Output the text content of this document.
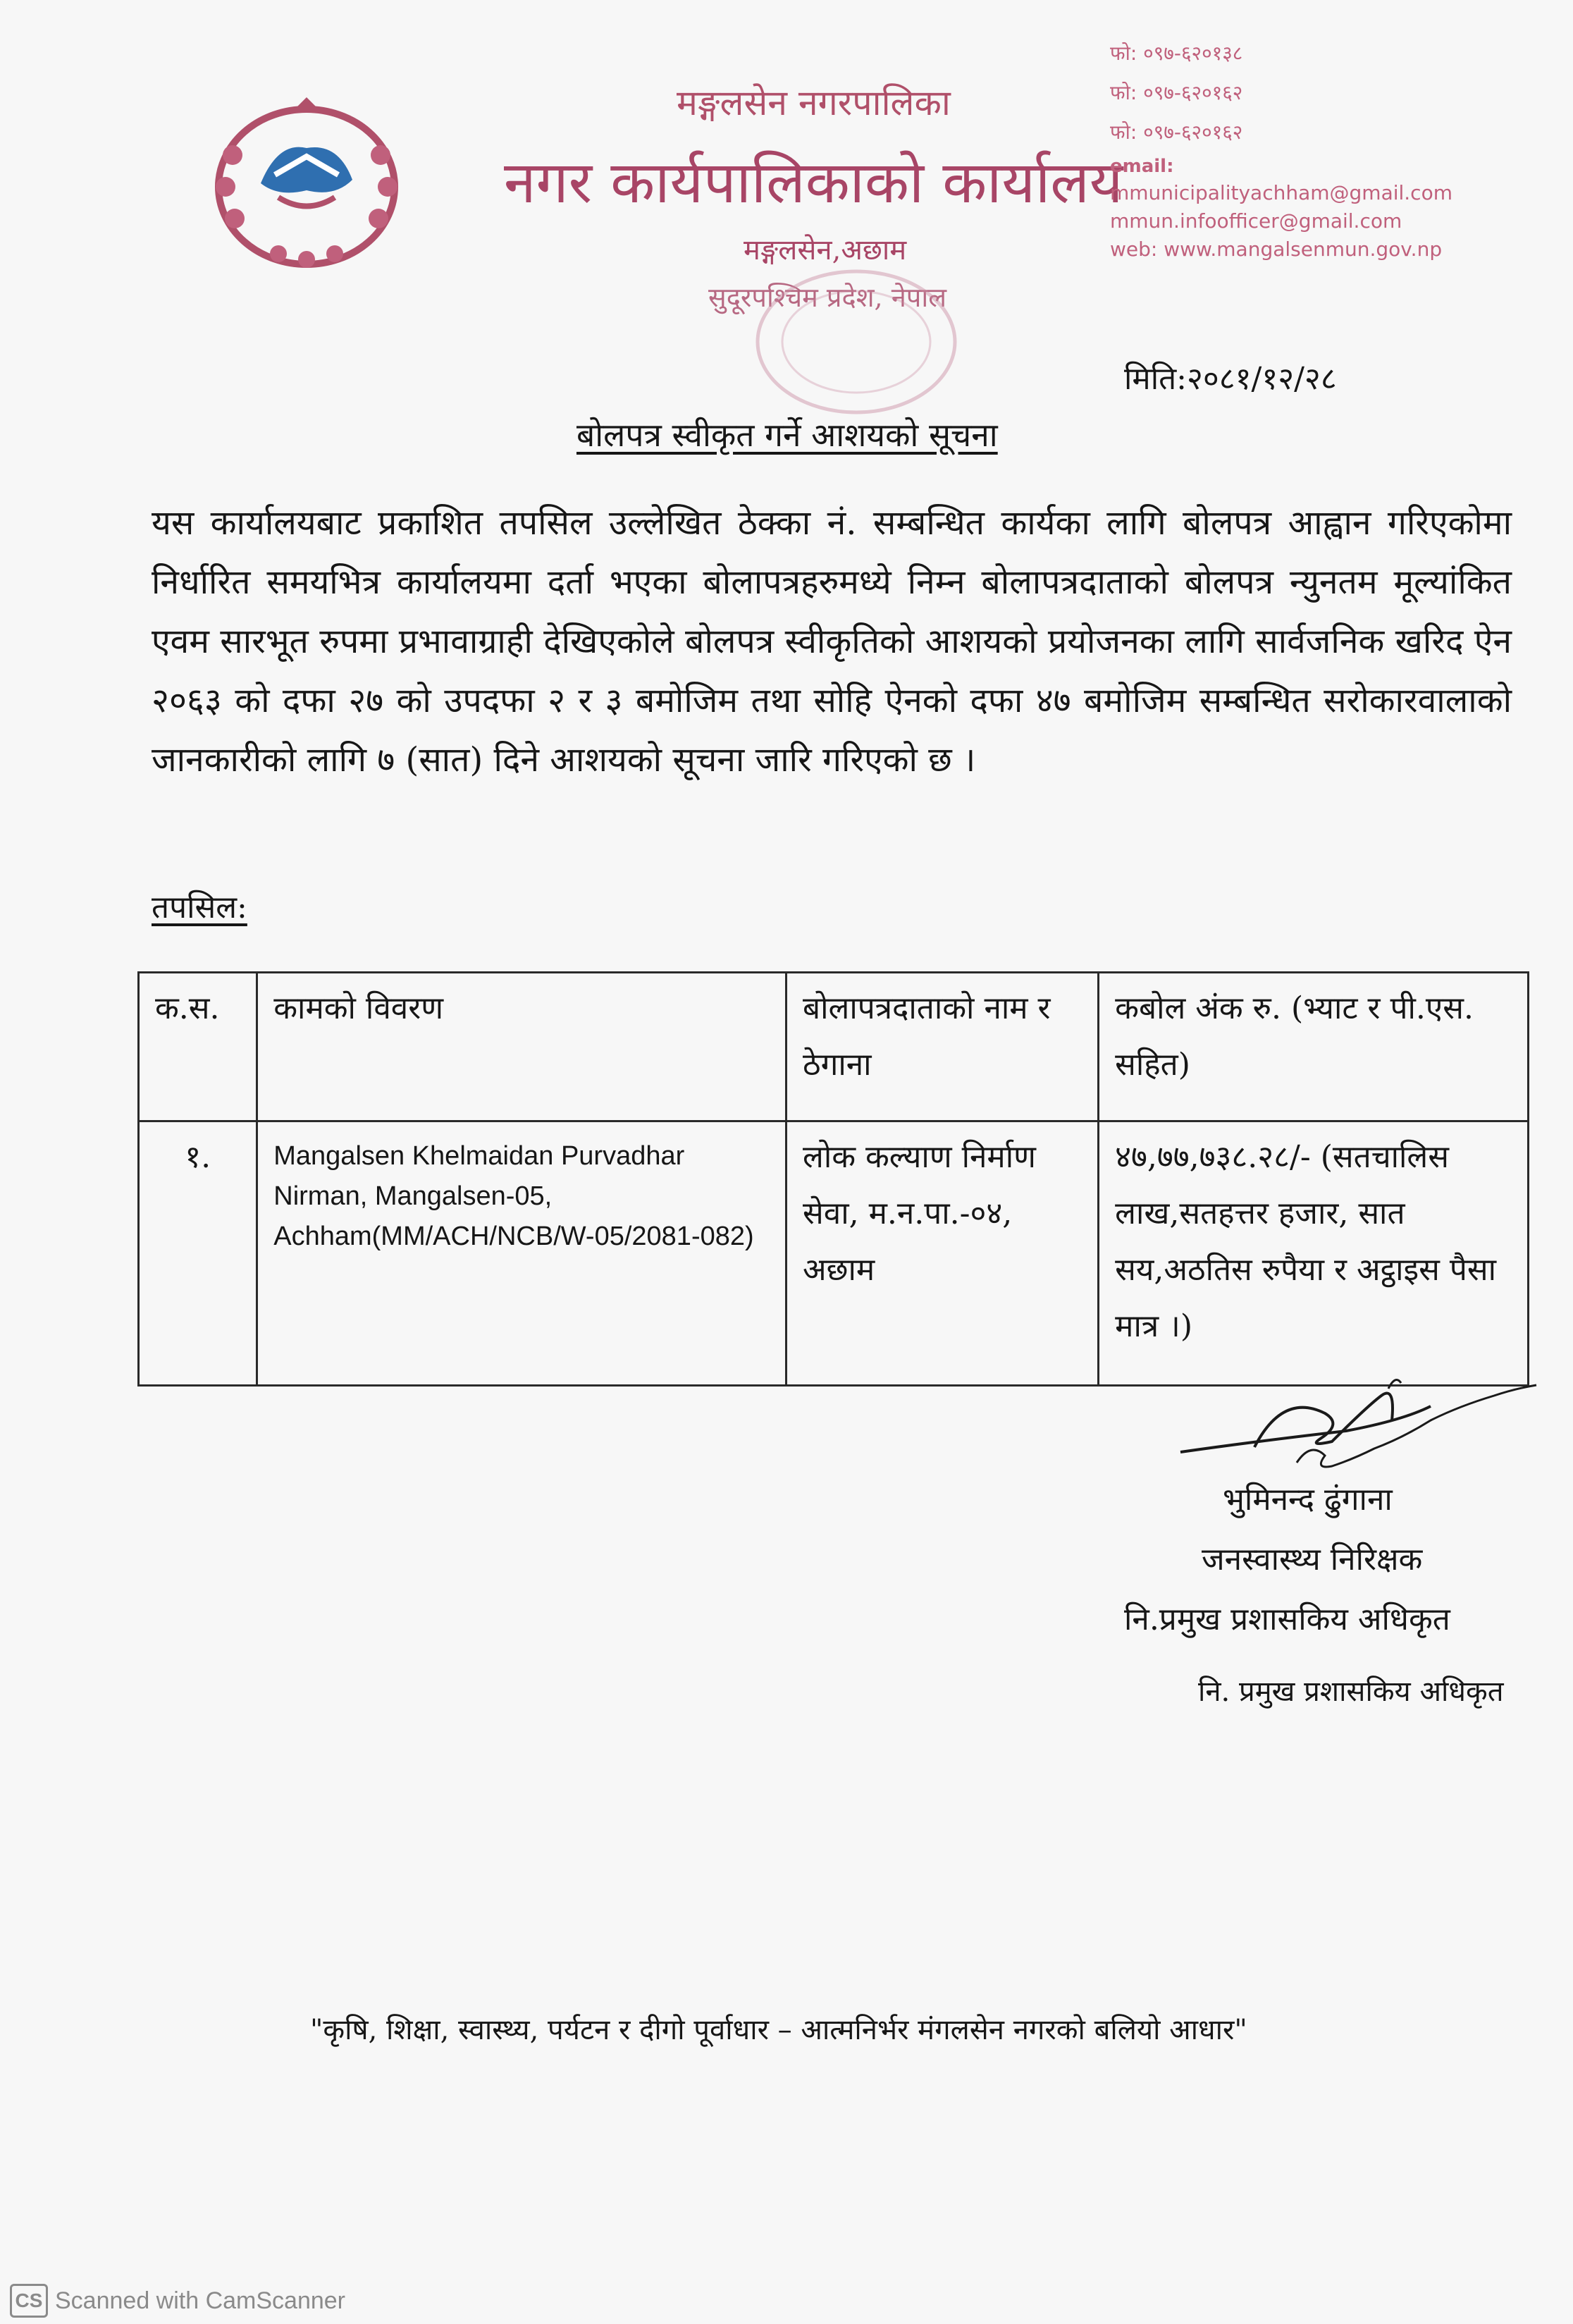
मङ्गलसेन नगरपालिका
नगर कार्यपालिकाको कार्यालय
मङ्गलसेन,अछाम
सुदूरपश्चिम प्रदेश, नेपाल
फो: ०९७-६२०१३८
फो: ०९७-६२०१६२
फो: ०९७-६२०१६२
email:
mmunicipalityachham@gmail.com
mmun.infoofficer@gmail.com
web: www.mangalsenmun.gov.np
मिति:२०८१/१२/२८
बोलपत्र स्वीकृत गर्ने आशयको सूचना
यस कार्यालयबाट प्रकाशित तपसिल उल्लेखित ठेक्का नं. सम्बन्धित कार्यका लागि बोलपत्र आह्वान गरिएकोमा निर्धारित समयभित्र कार्यालयमा दर्ता भएका बोलापत्रहरुमध्ये निम्न बोलापत्रदाताको बोलपत्र न्युनतम मूल्यांकित एवम सारभूत रुपमा प्रभावाग्राही देखिएकोले बोलपत्र स्वीकृतिको आशयको प्रयोजनका लागि सार्वजनिक खरिद ऐन २०६३ को दफा २७ को उपदफा २ र ३ बमोजिम तथा सोहि ऐनको दफा ४७ बमोजिम सम्बन्धित सरोकारवालाको जानकारीको लागि ७ (सात) दिने आशयको सूचना जारि गरिएको छ ।
तपसिल:
क.स.	कामको विवरण	बोलापत्रदाताको नाम र ठेगाना	कबोल अंक रु. (भ्याट र पी.एस. सहित)
१.	Mangalsen Khelmaidan Purvadhar Nirman, Mangalsen-05, Achham(MM/ACH/NCB/W-05/2081-082)	लोक कल्याण निर्माण सेवा, म.न.पा.-०४, अछाम	४७,७७,७३८.२८/- (सतचालिस लाख,सतहत्तर हजार, सात सय,अठतिस रुपैया र अट्ठाइस पैसा मात्र ।)
भुमिनन्द ढुंगाना
जनस्वास्थ्य निरिक्षक
नि.प्रमुख प्रशासकिय अधिकृत
नि. प्रमुख प्रशासकिय अधिकृत
"कृषि, शिक्षा, स्वास्थ्य, पर्यटन र दीगो पूर्वाधार – आत्मनिर्भर मंगलसेन नगरको बलियो आधार"
CS Scanned with CamScanner
